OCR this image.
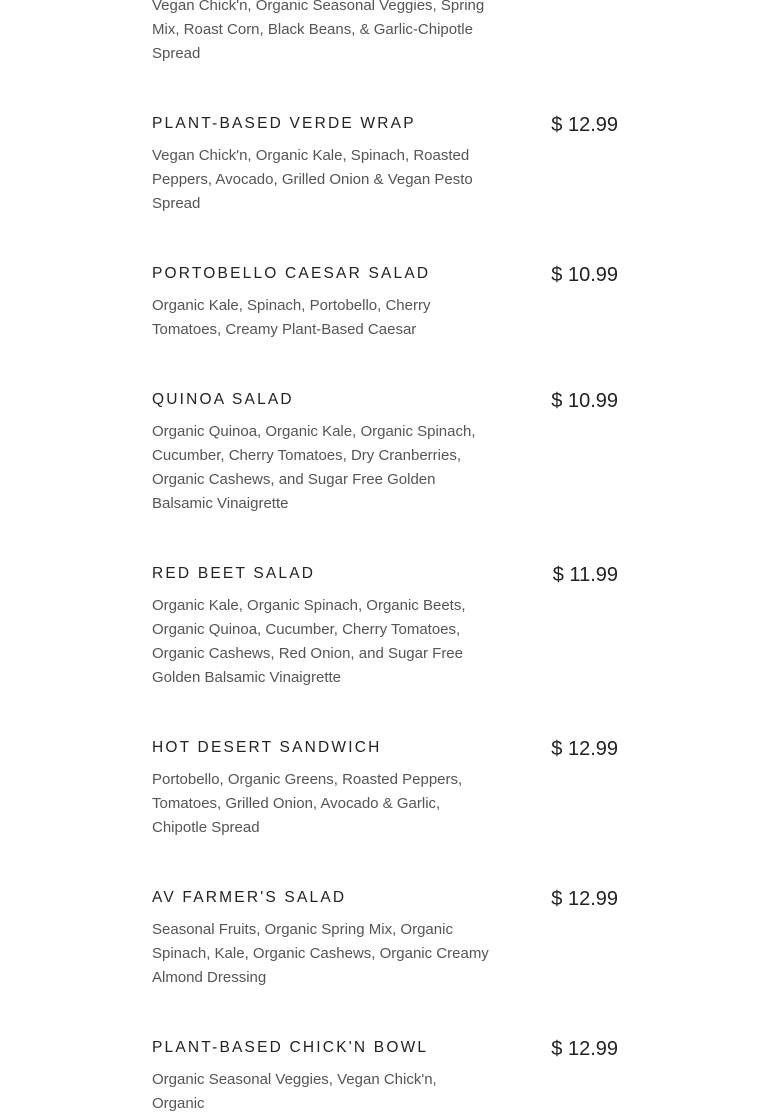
Vegan Chick'n, Organic Seasonal Veggies, Spring Mix, Roast Corn, Black Beans, & Garlic-Chipotle Spread
PLANT-BASED VERDE WRAP	$ 12.99
Vegan Chick'n, Organic Kale, Spinach, Roasted Peppers, Avocado, Grilled Onion & Vegan Pesto Spread
PORTOBELLO CAESAR SALAD	$ 10.99
Organic Kale, Spinach, Portobello, Cherry Tomatoes, Creamy Plant-Based Caesar
QUINOA SALAD	$ 10.99
Organic Quinoa, Organic Kale, Organic Spinach, Cucumber, Cherry Tomatoes, Dry Cranberries, Organic Cashews, and Sugar Free Golden Balsamic Vinaigrette
RED BEET SALAD	$ 11.99
Organic Kale, Organic Spinach, Organic Beets, Organic Quinoa, Cucumber, Cherry Tomatoes, Organic Cashews, Red Onion, and Sugar Free Golden Balsamic Vinaigrette
HOT DESERT SANDWICH	$ 12.99
Portobello, Organic Greens, Roasted Peppers, Tomatoes, Grilled Onion, Avocado & Garlic, Chipotle Spread
AV FARMER'S SALAD	$ 12.99
Seasonal Fruits, Organic Spring Mix, Organic Spinach, Kale, Organic Cashews, Organic Creamy Almond Dressing
PLANT-BASED CHICK'N BOWL	$ 12.99
Organic Seasonal Veggies, Vegan Chick'n, Organic
